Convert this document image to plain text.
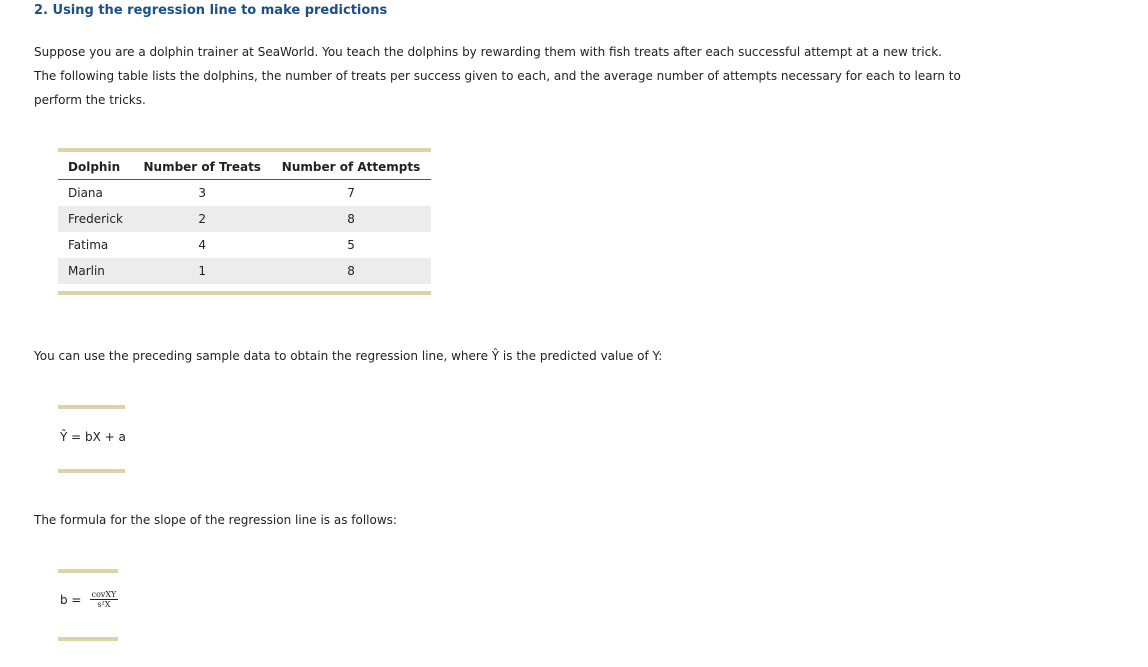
2. Using the regression line to make predictions
Suppose you are a dolphin trainer at SeaWorld. You teach the dolphins by rewarding them with fish treats after each successful attempt at a new trick. The following table lists the dolphins, the number of treats per success given to each, and the average number of attempts necessary for each to learn to perform the tricks.
Dolphin	Number of Treats	Number of Attempts
Diana	3	7
Frederick	2	8
Fatima	4	5
Marlin	1	8
You can use the preceding sample data to obtain the regression line, where Ŷ is the predicted value of Y:
Ŷ = bX + a
The formula for the slope of the regression line is as follows:
$b = \frac{\text{covXY}}{\text{s²X}}$
